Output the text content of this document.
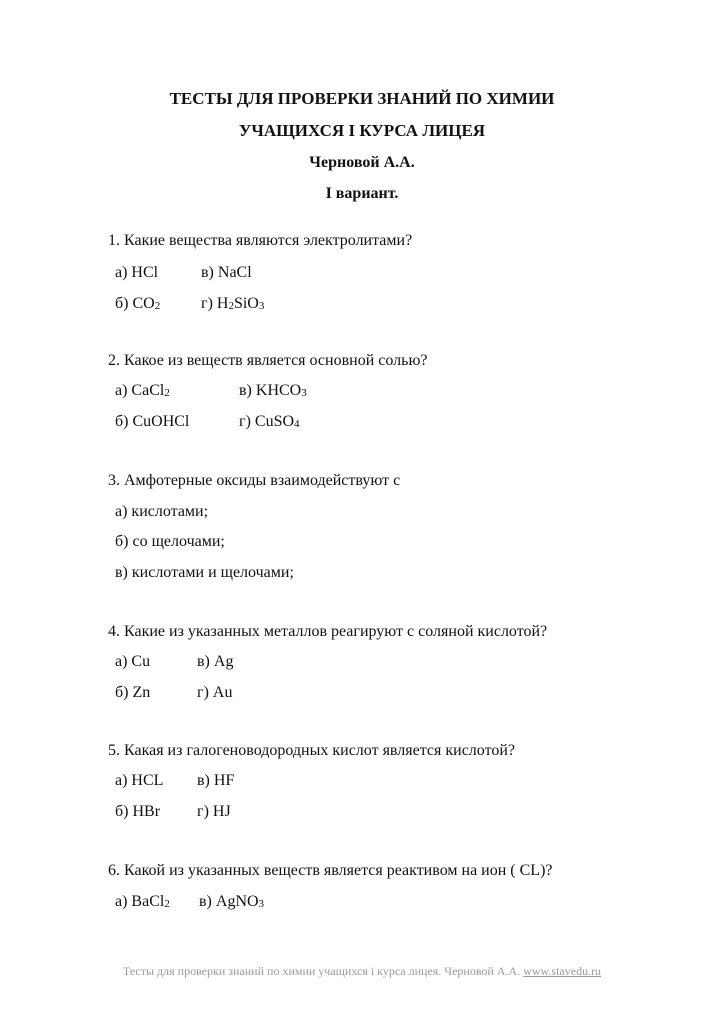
ТЕСТЫ ДЛЯ ПРОВЕРКИ ЗНАНИЙ ПО ХИМИИ
УЧАЩИХСЯ I КУРСА ЛИЦЕЯ
Черновой А.А.
I вариант.
1. Какие вещества являются электролитами?
а) HCl	в) NaCl
б) $CO_2$	г) $H_2SiO_3$
2. Какое из веществ является основной солью?
а) CaCl$_2$	в) $KHCO_3$
б) CuOHCl	г) CuSO$_4$
3. Амфотерные оксиды взаимодействуют с
а) кислотами;
б) со щелочами;
в) кислотами и щелочами;
4. Какие из указанных металлов реагируют с соляной кислотой?
а) Cu	в) Ag
б) Zn	г) Au
5. Какая из галогеноводородных кислот является кислотой?
а) HCL в) HF
б) HBr г) HJ
6. Какой из указанных веществ является реактивом на ион ( CL)?
а) BaCl$_2$ в) AgNO$_3$
Тесты для проверки знаний по химии учащихся i курса лицея. Черновой А.А. www.stavedu.ru
